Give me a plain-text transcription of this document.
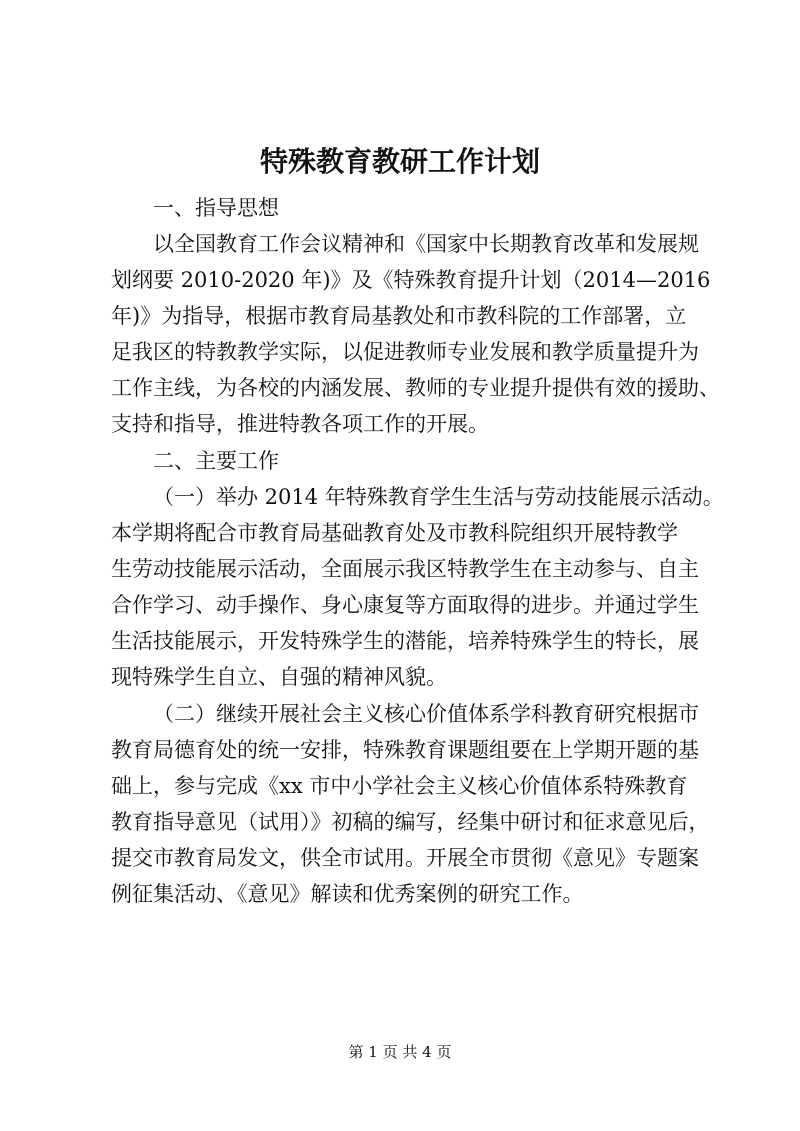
特殊教育教研工作计划

一、指导思想

以全国教育工作会议精神和《国家中长期教育改革和发展规
划纲要 2010-2020 年)》及《特殊教育提升计划（2014—2016
年)》为指导，根据市教育局基教处和市教科院的工作部署，立
足我区的特教教学实际，以促进教师专业发展和教学质量提升为
工作主线，为各校的内涵发展、教师的专业提升提供有效的援助、
支持和指导，推进特教各项工作的开展。

二、主要工作

（一）举办 2014 年特殊教育学生生活与劳动技能展示活动。
本学期将配合市教育局基础教育处及市教科院组织开展特教学
生劳动技能展示活动，全面展示我区特教学生在主动参与、自主
合作学习、动手操作、身心康复等方面取得的进步。并通过学生
生活技能展示，开发特殊学生的潜能，培养特殊学生的特长，展
现特殊学生自立、自强的精神风貌。
（二）继续开展社会主义核心价值体系学科教育研究根据市
教育局德育处的统一安排，特殊教育课题组要在上学期开题的基
础上，参与完成《xx 市中小学社会主义核心价值体系特殊教育
教育指导意见（试用）》初稿的编写，经集中研讨和征求意见后，
提交市教育局发文，供全市试用。开展全市贯彻《意见》专题案
例征集活动、《意见》解读和优秀案例的研究工作。
第 1 页 共 4 页
